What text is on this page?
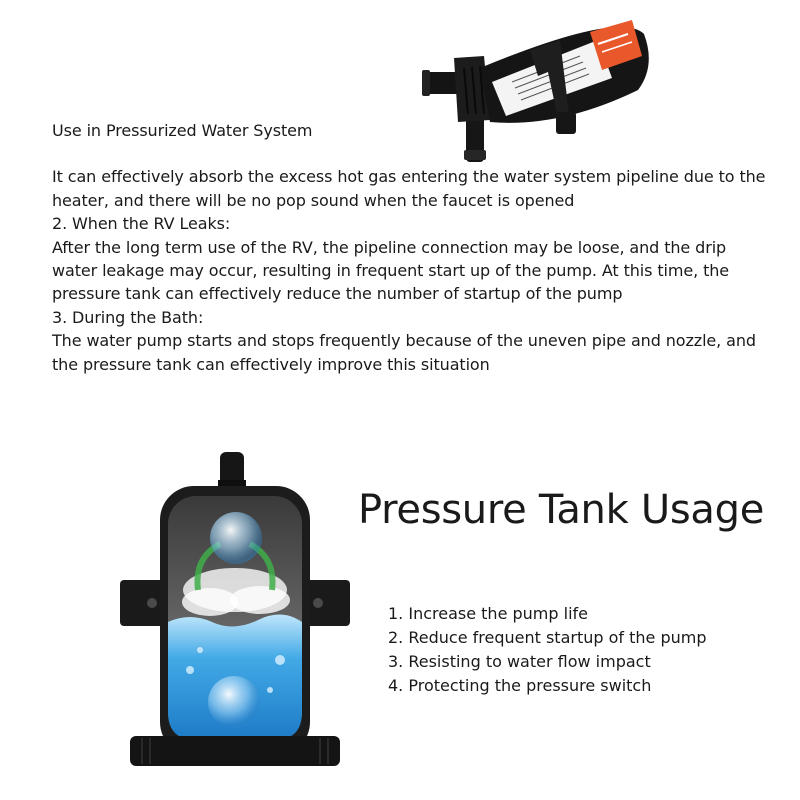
Use in Pressurized Water System

It can effectively absorb the excess hot gas entering the water system pipeline due to the heater, and there will be no pop sound when the faucet is opened

2. When the RV Leaks:

After the long term use of the RV, the pipeline connection may be loose, and the drip water leakage may occur, resulting in frequent start up of the pump. At this time, the pressure tank can effectively reduce the number of startup of the pump

3. During the Bath:

The water pump starts and stops frequently because of the uneven pipe and nozzle, and the pressure tank can effectively improve this situation

Pressure Tank Usage
1. Increase the pump life
2. Reduce frequent startup of the pump
3. Resisting to water flow impact
4. Protecting the pressure switch
